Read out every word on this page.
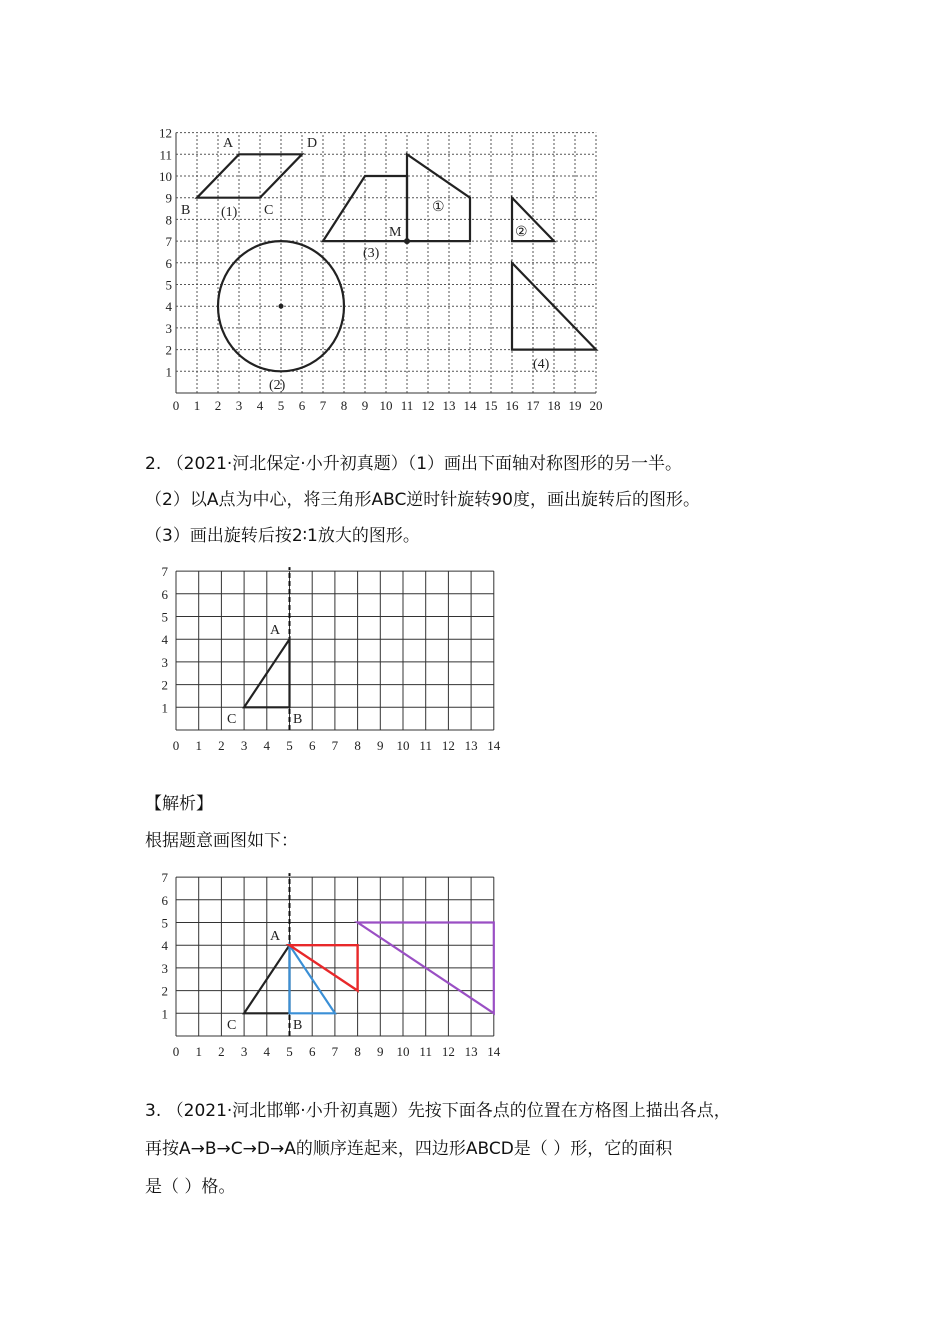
0 1 2 3 4 5 6 7 8 9 10 11 12 13 14 15 16 17 18 19 20
1
2
3
4
5
6
7
8
9
10
11
12
A	D
B	C
(1)
M
(3)
①
②
(2)
(4)
2. （2021·河北保定·小升初真题）（1）画出下面轴对称图形的另一半。
（2）以A点为中心，将三角形ABC逆时针旋转90度，画出旋转后的图形。
（3）画出旋转后按2∶1放大的图形。
0 1 2 3 4 5 6 7 8 9 10 11 12 13 14
1
2
3
4
5
6
7
A
C	B
【解析】
根据题意画图如下：
0 1 2 3 4 5 6 7 8 9 10 11 12 13 14
1
2
3
4
5
6
7
A
C	B
3. （2021·河北邯郸·小升初真题）先按下面各点的位置在方格图上描出各点，
再按A→B→C→D→A的顺序连起来，四边形ABCD是（ ）形，它的面积
是（ ）格。
